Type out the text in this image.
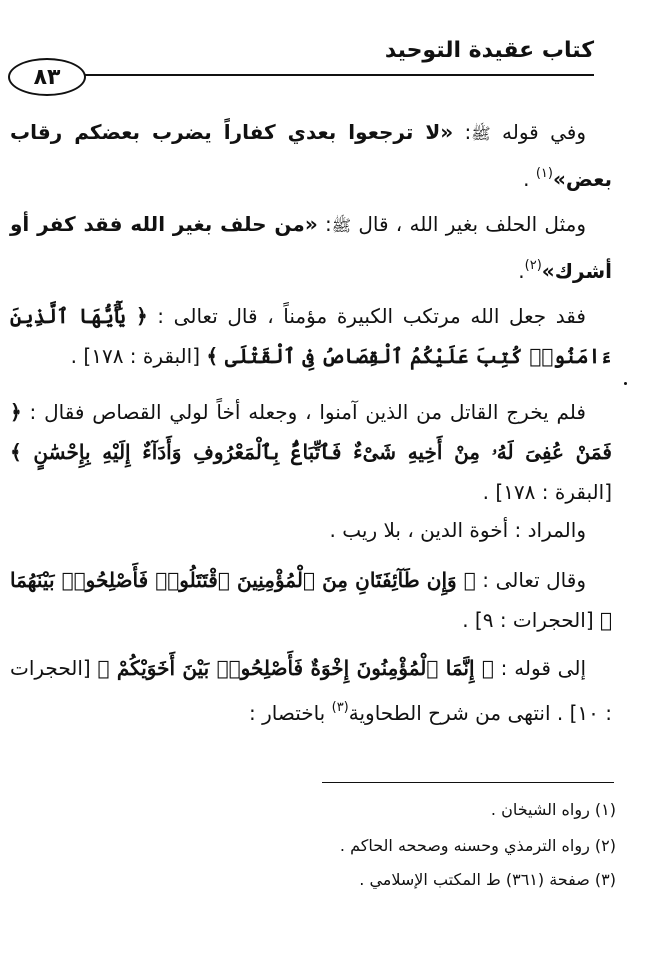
كتاب عقيدة التوحيد
٨٣
وفي قوله ﷺ: «لا ترجعوا بعدي كفاراً يضرب بعضكم رقاب بعض»$^{(١)}$ .
ومثل الحلف بغير الله ، قال ﷺ: «من حلف بغير الله فقد كفر أو أشرك»$^{(٢)}$.
فقد جعل الله مرتكب الكبيرة مؤمناً ، قال تعالى : ﴿ يَٰٓأَيُّهَا ٱلَّذِينَ ءَامَنُوا۟ كُتِبَ عَلَيْكُمُ ٱلْقِصَاصُ فِى ٱلْقَتْلَى ﴾ [البقرة : ١٧٨] .
فلم يخرج القاتل من الذين آمنوا ، وجعله أخاً لولي القصاص فقال : ﴿ فَمَنْ عُفِىَ لَهُۥ مِنْ أَخِيهِ شَىْءٌ فَٱتِّبَاعٌۢ بِٱلْمَعْرُوفِ وَأَدَآءٌ إِلَيْهِ بِإِحْسَٰنٍ ﴾ [البقرة : ١٧٨] .
والمراد : أخوة الدين ، بلا ريب .
وقال تعالى : ﴿ وَإِن طَآئِفَتَانِ مِنَ ٱلْمُؤْمِنِينَ ٱقْتَتَلُوا۟ فَأَصْلِحُوا۟ بَيْنَهُمَا ﴾ [الحجرات : ٩] .
إلى قوله : ﴿ إِنَّمَا ٱلْمُؤْمِنُونَ إِخْوَةٌ فَأَصْلِحُوا۟ بَيْنَ أَخَوَيْكُمْ ﴾ [الحجرات : ١٠] . انتهى من شرح الطحاوية$^{(٣)}$ باختصار :
(١) رواه الشيخان .
(٢) رواه الترمذي وحسنه وصححه الحاكم .
(٣) صفحة (٣٦١) ط المكتب الإسلامي .
